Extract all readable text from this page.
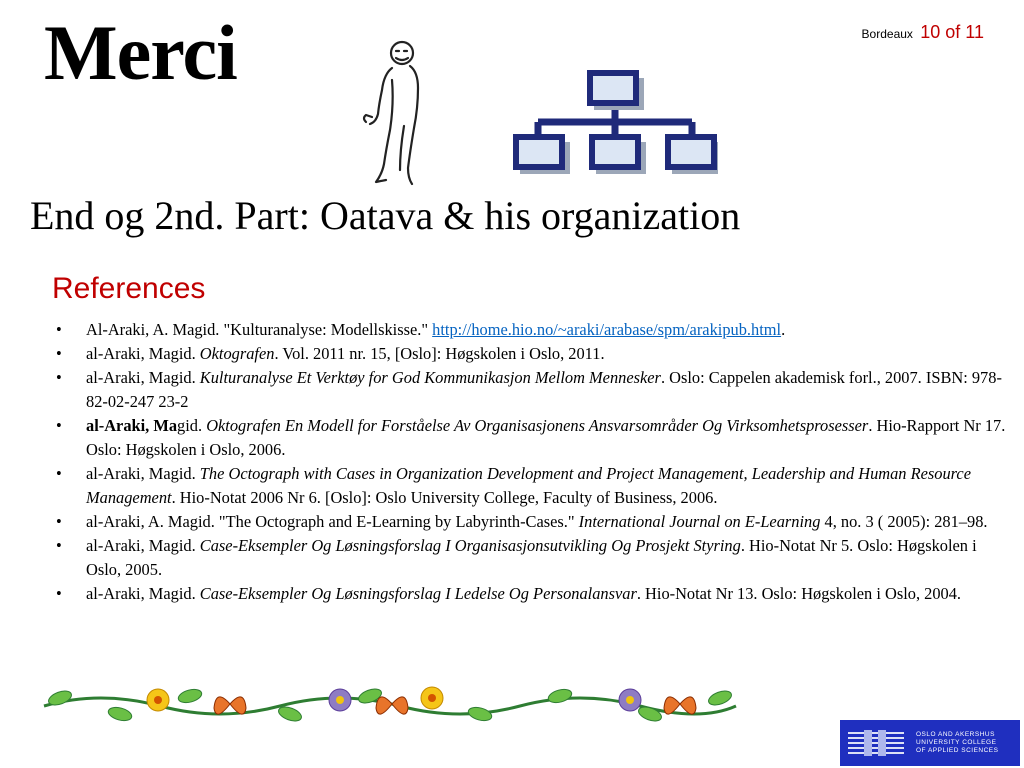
Merci	Bordeaux 10 of 11
End og 2nd. Part: Oatava & his organization
References
• Al-Araki, A. Magid. "Kulturanalyse: Modellskisse." http://home.hio.no/~araki/arabase/spm/arakipub.html.
• al-Araki, Magid. Oktografen. Vol. 2011 nr. 15, [Oslo]: Høgskolen i Oslo, 2011.
• al-Araki, Magid. Kulturanalyse Et Verktøy for God Kommunikasjon Mellom Mennesker. Oslo: Cappelen akademisk forl., 2007. ISBN: 978-82-02-247 23-2
• al-Araki, Magid. Oktografen En Modell for Forståelse Av Organisasjonens Ansvarsområder Og Virksomhetsprosesser. Hio-Rapport Nr 17. Oslo: Høgskolen i Oslo, 2006.
• al-Araki, Magid. The Octograph with Cases in Organization Development and Project Management, Leadership and Human Resource Management. Hio-Notat 2006 Nr 6. [Oslo]: Oslo University College, Faculty of Business, 2006.
• al-Araki, A. Magid. "The Octograph and E-Learning by Labyrinth-Cases." International Journal on E-Learning 4, no. 3 ( 2005): 281–98.
• al-Araki, Magid. Case-Eksempler Og Løsningsforslag I Organisasjonsutvikling Og Prosjekt Styring. Hio-Notat Nr 5. Oslo: Høgskolen i Oslo, 2005.
• al-Araki, Magid. Case-Eksempler Og Løsningsforslag I Ledelse Og Personalansvar. Hio-Notat Nr 13. Oslo: Høgskolen i Oslo, 2004.
OSLO AND AKERSHUS
UNIVERSITY COLLEGE
OF APPLIED SCIENCES
